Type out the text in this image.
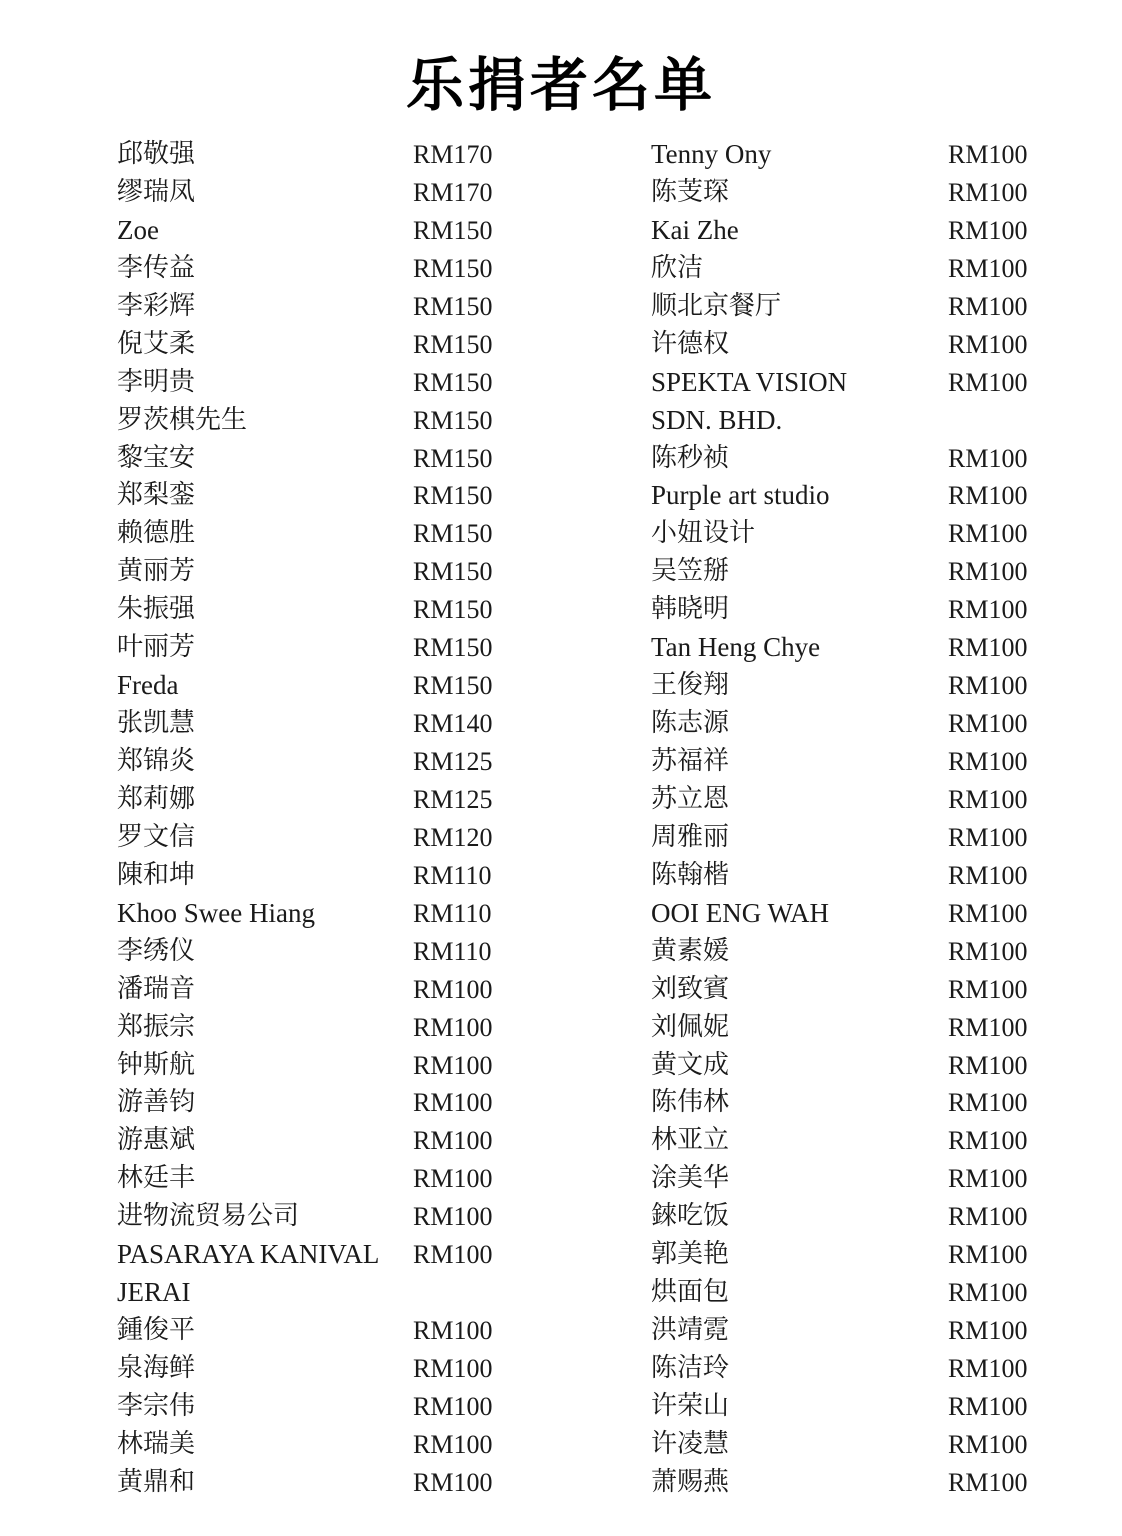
乐捐者名单
邱敬强	RM170
缪瑞凤	RM170
Zoe	RM150
李传益	RM150
李彩辉	RM150
倪艾柔	RM150
李明贵	RM150
罗茨棋先生	RM150
黎宝安	RM150
郑梨銮	RM150
赖德胜	RM150
黄丽芳	RM150
朱振强	RM150
叶丽芳	RM150
Freda	RM150
张凯慧	RM140
郑锦炎	RM125
郑莉娜	RM125
罗文信	RM120
陳和坤	RM110
Khoo Swee Hiang	RM110
李绣仪	RM110
潘瑞音	RM100
郑振宗	RM100
钟斯航	RM100
游善钧	RM100
游惠斌	RM100
林廷丰	RM100
进物流贸易公司	RM100
PASARAYA KANIVAL RM100
JERAI
鍾俊平	RM100
泉海鲜	RM100
李宗伟	RM100
林瑞美	RM100
黄鼎和	RM100
Tenny Ony	RM100
陈芰琛	RM100
Kai Zhe	RM100
欣洁	RM100
顺北京餐厅	RM100
许德权	RM100
SPEKTA VISION	RM100
SDN. BHD.
陈秒祯	RM100
Purple art studio	RM100
小妞设计	RM100
吴笠掰	RM100
韩晓明	RM100
Tan Heng Chye	RM100
王俊翔	RM100
陈志源	RM100
苏福祥	RM100
苏立恩	RM100
周雅丽	RM100
陈翰楷	RM100
OOI ENG WAH	RM100
黄素媛	RM100
刘致賓	RM100
刘佩妮	RM100
黄文成	RM100
陈伟林	RM100
林亚立	RM100
涂美华	RM100
錸吃饭	RM100
郭美艳	RM100
烘面包	RM100
洪靖霓	RM100
陈洁玲	RM100
许荣山	RM100
许凌慧	RM100
萧赐燕	RM100
